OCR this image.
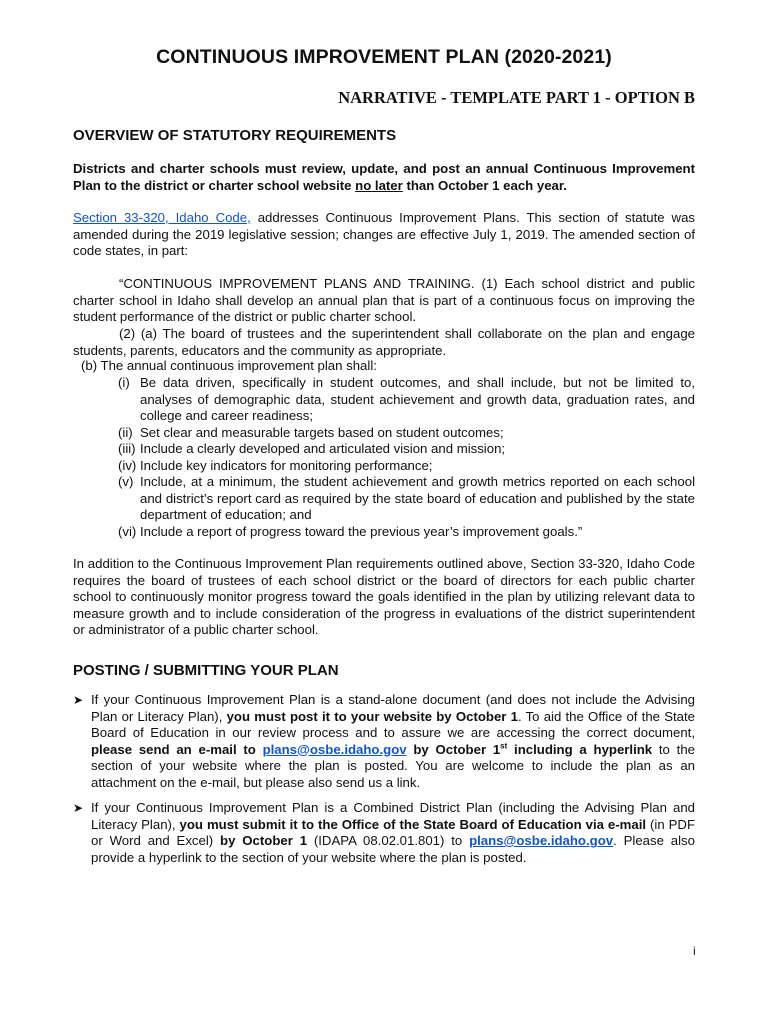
CONTINUOUS IMPROVEMENT PLAN (2020-2021)
NARRATIVE - TEMPLATE PART 1 - OPTION B
OVERVIEW OF STATUTORY REQUIREMENTS

Districts and charter schools must review, update, and post an annual Continuous Improvement Plan to the district or charter school website no later than October 1 each year.

Section 33-320, Idaho Code, addresses Continuous Improvement Plans. This section of statute was amended during the 2019 legislative session; changes are effective July 1, 2019. The amended section of code states, in part:

“CONTINUOUS IMPROVEMENT PLANS AND TRAINING. (1) Each school district and public charter school in Idaho shall develop an annual plan that is part of a continuous focus on improving the student performance of the district or public charter school.

(2) (a) The board of trustees and the superintendent shall collaborate on the plan and engage students, parents, educators and the community as appropriate.

(b) The annual continuous improvement plan shall:

(i) Be data driven, specifically in student outcomes, and shall include, but not be limited to, analyses of demographic data, student achievement and growth data, graduation rates, and college and career readiness;
(ii) Set clear and measurable targets based on student outcomes;
(iii) Include a clearly developed and articulated vision and mission;
(iv) Include key indicators for monitoring performance;
(v) Include, at a minimum, the student achievement and growth metrics reported on each school and district’s report card as required by the state board of education and published by the state department of education; and
(vi) Include a report of progress toward the previous year’s improvement goals.”

In addition to the Continuous Improvement Plan requirements outlined above, Section 33-320, Idaho Code requires the board of trustees of each school district or the board of directors for each public charter school to continuously monitor progress toward the goals identified in the plan by utilizing relevant data to measure growth and to include consideration of the progress in evaluations of the district superintendent or administrator of a public charter school.

POSTING / SUBMITTING YOUR PLAN
➤ If your Continuous Improvement Plan is a stand-alone document (and does not include the Advising Plan or Literacy Plan), you must post it to your website by October 1. To aid the Office of the State Board of Education in our review process and to assure we are accessing the correct document, please send an e-mail to plans@osbe.idaho.gov by October 1st including a hyperlink to the section of your website where the plan is posted. You are welcome to include the plan as an attachment on the e-mail, but please also send us a link.

➤ If your Continuous Improvement Plan is a Combined District Plan (including the Advising Plan and Literacy Plan), you must submit it to the Office of the State Board of Education via e-mail (in PDF or Word and Excel) by October 1 (IDAPA 08.02.01.801) to plans@osbe.idaho.gov. Please also provide a hyperlink to the section of your website where the plan is posted.

i
